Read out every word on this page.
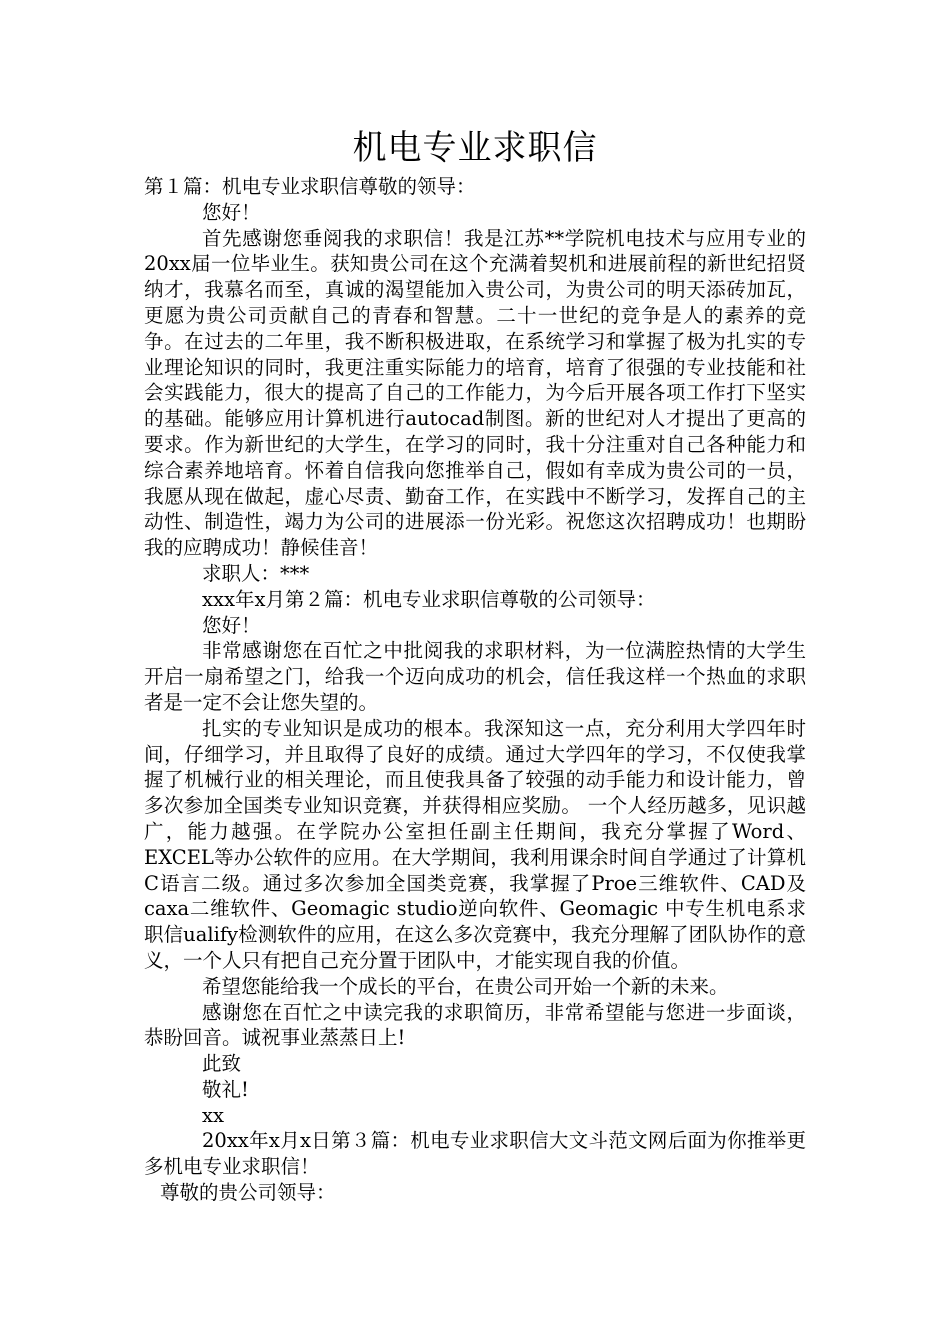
机电专业求职信

第１篇：机电专业求职信尊敬的领导：

您好！

首先感谢您垂阅我的求职信！我是江苏**学院机电技术与应用专业的20xx届一位毕业生。获知贵公司在这个充满着契机和进展前程的新世纪招贤纳才，我慕名而至，真诚的渴望能加入贵公司，为贵公司的明天添砖加瓦，更愿为贵公司贡献自己的青春和智慧。二十一世纪的竞争是人的素养的竞争。在过去的二年里，我不断积极进取，在系统学习和掌握了极为扎实的专业理论知识的同时，我更注重实际能力的培育，培育了很强的专业技能和社会实践能力，很大的提高了自己的工作能力，为今后开展各项工作打下坚实的基础。能够应用计算机进行autocad制图。新的世纪对人才提出了更高的要求。作为新世纪的大学生，在学习的同时，我十分注重对自己各种能力和综合素养地培育。怀着自信我向您推举自己，假如有幸成为贵公司的一员，我愿从现在做起，虚心尽责、勤奋工作，在实践中不断学习，发挥自己的主动性、制造性，竭力为公司的进展添一份光彩。祝您这次招聘成功！也期盼我的应聘成功！静候佳音！

求职人：***

xxx年x月第２篇：机电专业求职信尊敬的公司领导：

您好！

非常感谢您在百忙之中批阅我的求职材料，为一位满腔热情的大学生开启一扇希望之门，给我一个迈向成功的机会，信任我这样一个热血的求职者是一定不会让您失望的。

扎实的专业知识是成功的根本。我深知这一点，充分利用大学四年时间，仔细学习，并且取得了良好的成绩。通过大学四年的学习，不仅使我掌握了机械行业的相关理论，而且使我具备了较强的动手能力和设计能力，曾多次参加全国类专业知识竞赛，并获得相应奖励。 一个人经历越多，见识越广，能力越强。在学院办公室担任副主任期间，我充分掌握了Word、EXCEL等办公软件的应用。在大学期间，我利用课余时间自学通过了计算机C语言二级。通过多次参加全国类竞赛，我掌握了Proe三维软件、CAD及caxa二维软件、Geomagic studio逆向软件、Geomagic 中专生机电系求职信ualify检测软件的应用，在这么多次竞赛中，我充分理解了团队协作的意义，一个人只有把自己充分置于团队中，才能实现自我的价值。

希望您能给我一个成长的平台，在贵公司开始一个新的未来。

感谢您在百忙之中读完我的求职简历，非常希望能与您进一步面谈，恭盼回音。诚祝事业蒸蒸日上!

此致

敬礼!

xx

20xx年x月x日第３篇：机电专业求职信大文斗范文网后面为你推举更多机电专业求职信！

尊敬的贵公司领导：
